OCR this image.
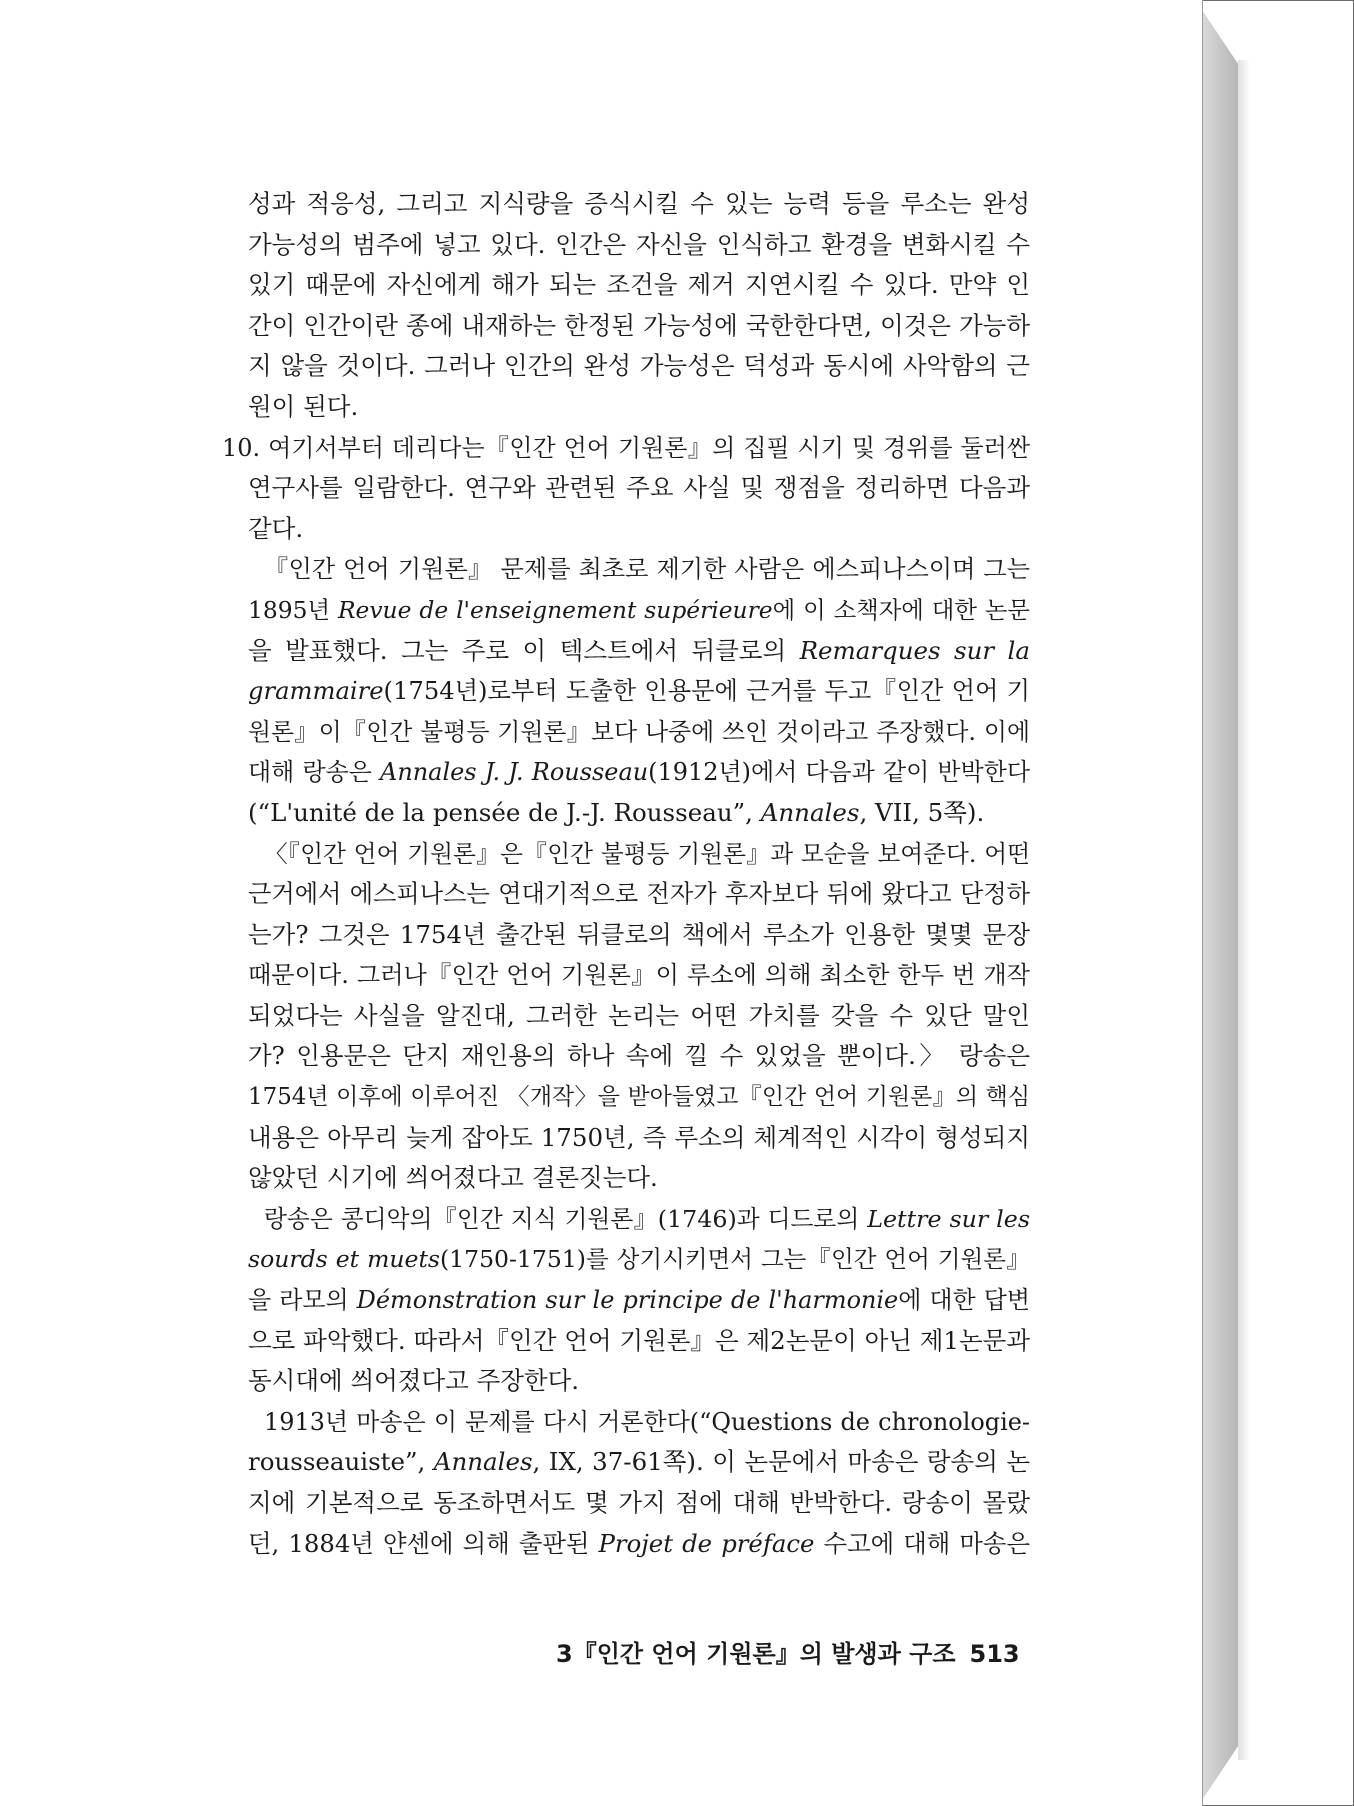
성과 적응성, 그리고 지식량을 증식시킬 수 있는 능력 등을 루소는 완성
가능성의 범주에 넣고 있다. 인간은 자신을 인식하고 환경을 변화시킬 수
있기 때문에 자신에게 해가 되는 조건을 제거 지연시킬 수 있다. 만약 인
간이 인간이란 종에 내재하는 한정된 가능성에 국한한다면, 이것은 가능하
지 않을 것이다. 그러나 인간의 완성 가능성은 덕성과 동시에 사악함의 근
원이 된다.
10. 여기서부터 데리다는『인간 언어 기원론』의 집필 시기 및 경위를 둘러싼
연구사를 일람한다. 연구와 관련된 주요 사실 및 쟁점을 정리하면 다음과
같다.
『인간 언어 기원론』 문제를 최초로 제기한 사람은 에스피나스이며 그는
1895년 Revue de l'enseignement supérieure에 이 소책자에 대한 논문
을 발표했다. 그는 주로 이 텍스트에서 뒤클로의 Remarques sur la
grammaire(1754년)로부터 도출한 인용문에 근거를 두고『인간 언어 기
원론』이『인간 불평등 기원론』보다 나중에 쓰인 것이라고 주장했다. 이에
대해 랑송은 Annales J. J. Rousseau(1912년)에서 다음과 같이 반박한다
(“L'unité de la pensée de J.-J. Rousseau”, Annales, VII, 5쪽).
〈『인간 언어 기원론』은『인간 불평등 기원론』과 모순을 보여준다. 어떤
근거에서 에스피나스는 연대기적으로 전자가 후자보다 뒤에 왔다고 단정하
는가? 그것은 1754년 출간된 뒤클로의 책에서 루소가 인용한 몇몇 문장
때문이다. 그러나『인간 언어 기원론』이 루소에 의해 최소한 한두 번 개작
되었다는 사실을 알진대, 그러한 논리는 어떤 가치를 갖을 수 있단 말인
가? 인용문은 단지 재인용의 하나 속에 낄 수 있었을 뿐이다.〉 랑송은
1754년 이후에 이루어진 〈개작〉을 받아들였고『인간 언어 기원론』의 핵심
내용은 아무리 늦게 잡아도 1750년, 즉 루소의 체계적인 시각이 형성되지
않았던 시기에 씌어졌다고 결론짓는다.
랑송은 콩디악의『인간 지식 기원론』(1746)과 디드로의 Lettre sur les
sourds et muets(1750-1751)를 상기시키면서 그는『인간 언어 기원론』
을 라모의 Démonstration sur le principe de l'harmonie에 대한 답변
으로 파악했다. 따라서『인간 언어 기원론』은 제2논문이 아닌 제1논문과
동시대에 씌어졌다고 주장한다.
1913년 마송은 이 문제를 다시 거론한다(“Questions de chronologie-
rousseauiste”, Annales, IX, 37-61쪽). 이 논문에서 마송은 랑송의 논
지에 기본적으로 동조하면서도 몇 가지 점에 대해 반박한다. 랑송이 몰랐
던, 1884년 얀센에 의해 출판된 Projet de préface 수고에 대해 마송은
3『인간 언어 기원론』의 발생과 구조 513
